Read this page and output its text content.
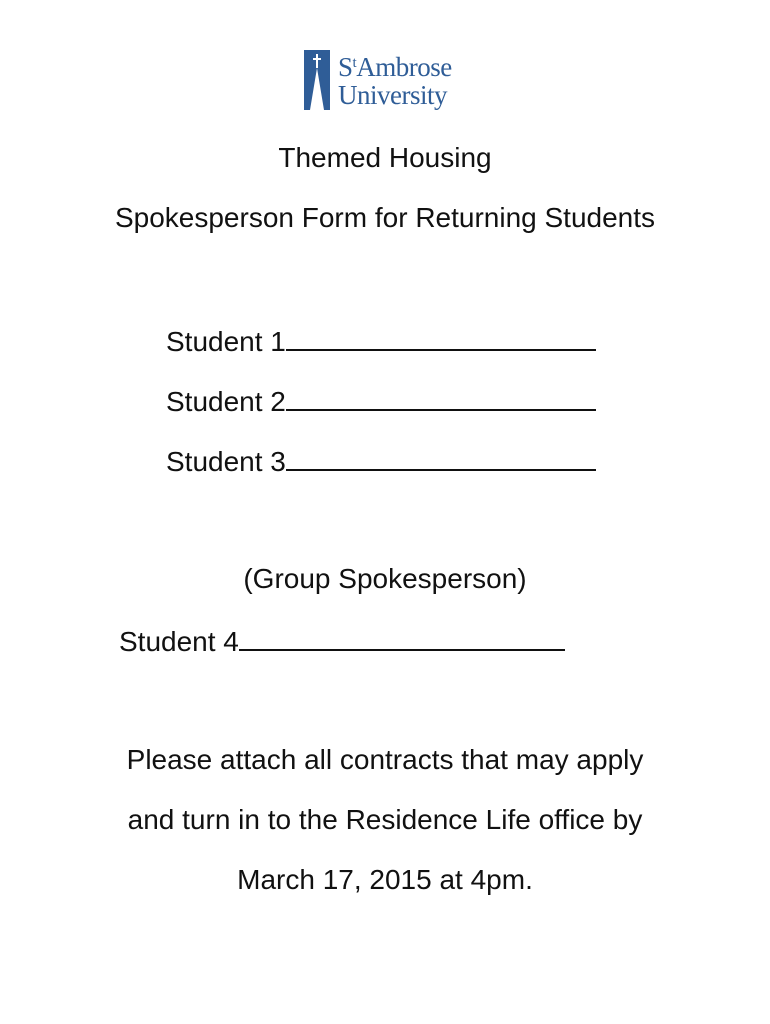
$S^tAmbrose$
University
Themed Housing
Spokesperson Form for Returning Students
Student 1
Student 2
Student 3
(Group Spokesperson)
Student 4
Please attach all contracts that may apply
and turn in to the Residence Life office by
March 17, 2015 at 4pm.
